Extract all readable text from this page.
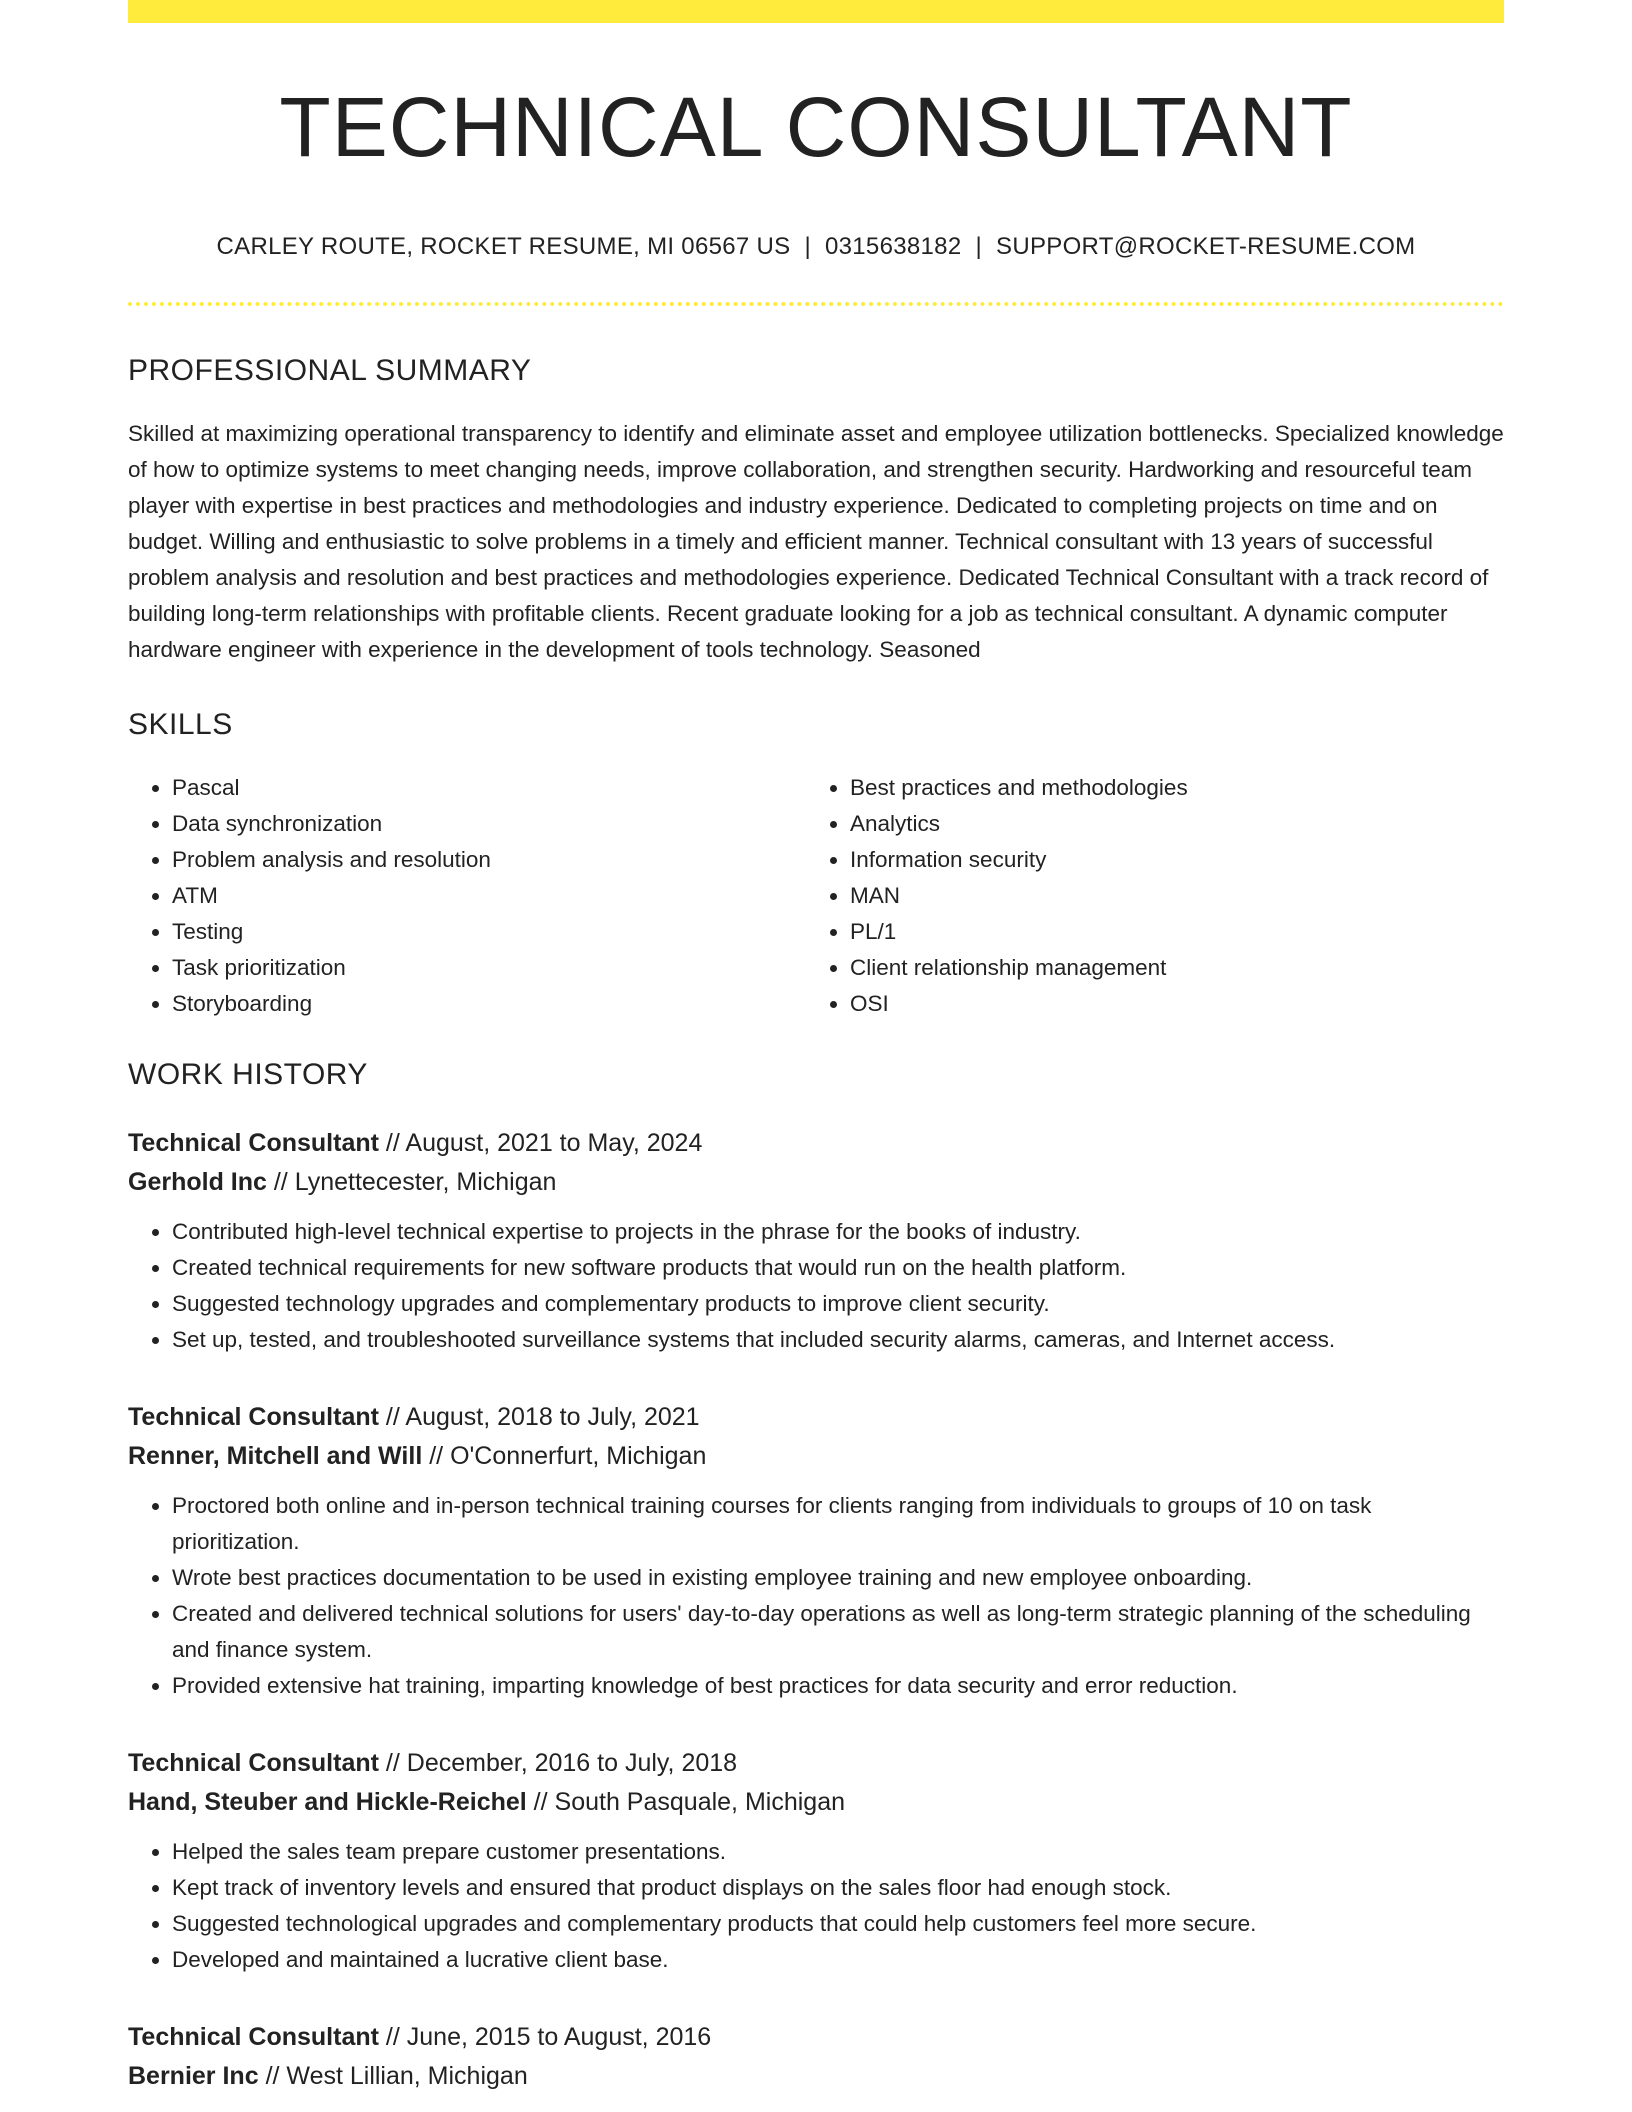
TECHNICAL CONSULTANT
CARLEY ROUTE, ROCKET RESUME, MI 06567 US | 0315638182 | SUPPORT@ROCKET-RESUME.COM
PROFESSIONAL SUMMARY

Skilled at maximizing operational transparency to identify and eliminate asset and employee utilization bottlenecks. Specialized knowledge of how to optimize systems to meet changing needs, improve collaboration, and strengthen security. Hardworking and resourceful team player with expertise in best practices and methodologies and industry experience. Dedicated to completing projects on time and on budget. Willing and enthusiastic to solve problems in a timely and efficient manner. Technical consultant with 13 years of successful problem analysis and resolution and best practices and methodologies experience. Dedicated Technical Consultant with a track record of building long-term relationships with profitable clients. Recent graduate looking for a job as technical consultant. A dynamic computer hardware engineer with experience in the development of tools technology. Seasoned

SKILLS
• Pascal
• Data synchronization
• Problem analysis and resolution
• ATM
• Testing
• Task prioritization
• Storyboarding
• Best practices and methodologies
• Analytics
• Information security
• MAN
• PL/1
• Client relationship management
• OSI
WORK HISTORY
Technical Consultant // August, 2021 to May, 2024
Gerhold Inc // Lynettecester, Michigan
• Contributed high-level technical expertise to projects in the phrase for the books of industry.
• Created technical requirements for new software products that would run on the health platform.
• Suggested technology upgrades and complementary products to improve client security.
• Set up, tested, and troubleshooted surveillance systems that included security alarms, cameras, and Internet access.
Technical Consultant // August, 2018 to July, 2021
Renner, Mitchell and Will // O'Connerfurt, Michigan
• Proctored both online and in-person technical training courses for clients ranging from individuals to groups of 10 on task prioritization.
• Wrote best practices documentation to be used in existing employee training and new employee onboarding.
• Created and delivered technical solutions for users' day-to-day operations as well as long-term strategic planning of the scheduling and finance system.
• Provided extensive hat training, imparting knowledge of best practices for data security and error reduction.
Technical Consultant // December, 2016 to July, 2018
Hand, Steuber and Hickle-Reichel // South Pasquale, Michigan
• Helped the sales team prepare customer presentations.
• Kept track of inventory levels and ensured that product displays on the sales floor had enough stock.
• Suggested technological upgrades and complementary products that could help customers feel more secure.
• Developed and maintained a lucrative client base.
Technical Consultant // June, 2015 to August, 2016
Bernier Inc // West Lillian, Michigan
